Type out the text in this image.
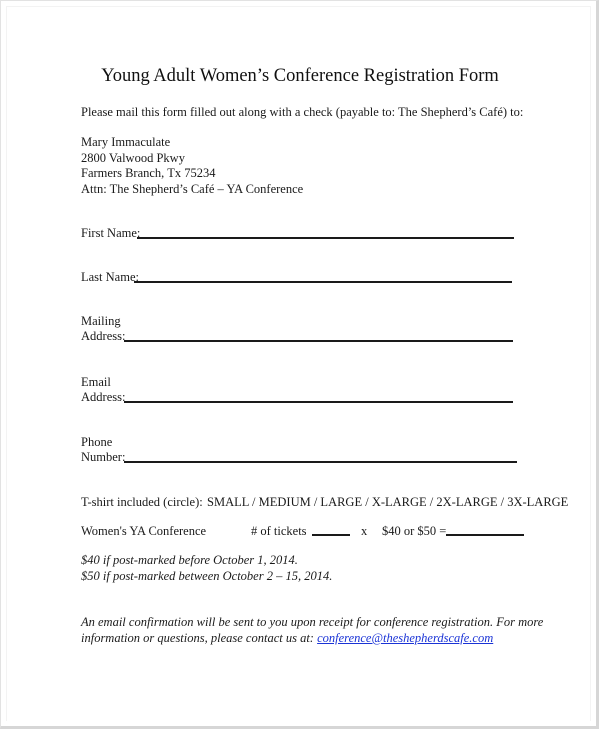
Young Adult Women’s Conference Registration Form
Please mail this form filled out along with a check (payable to: The Shepherd’s Café) to:
Mary Immaculate
2800 Valwood Pkwy
Farmers Branch, Tx 75234
Attn: The Shepherd’s Café – YA Conference
First Name:
Last Name:
Mailing
Address:
Email
Address:
Phone
Number:
T-shirt included (circle): SMALL / MEDIUM / LARGE / X-LARGE / 2X-LARGE / 3X-LARGE
Women's YA Conference	# of tickets	x $40 or $50 =
$40 if post-marked before October 1, 2014.
$50 if post-marked between October 2 – 15, 2014.
An email confirmation will be sent to you upon receipt for conference registration. For more
information or questions, please contact us at: conference@theshepherdscafe.com
